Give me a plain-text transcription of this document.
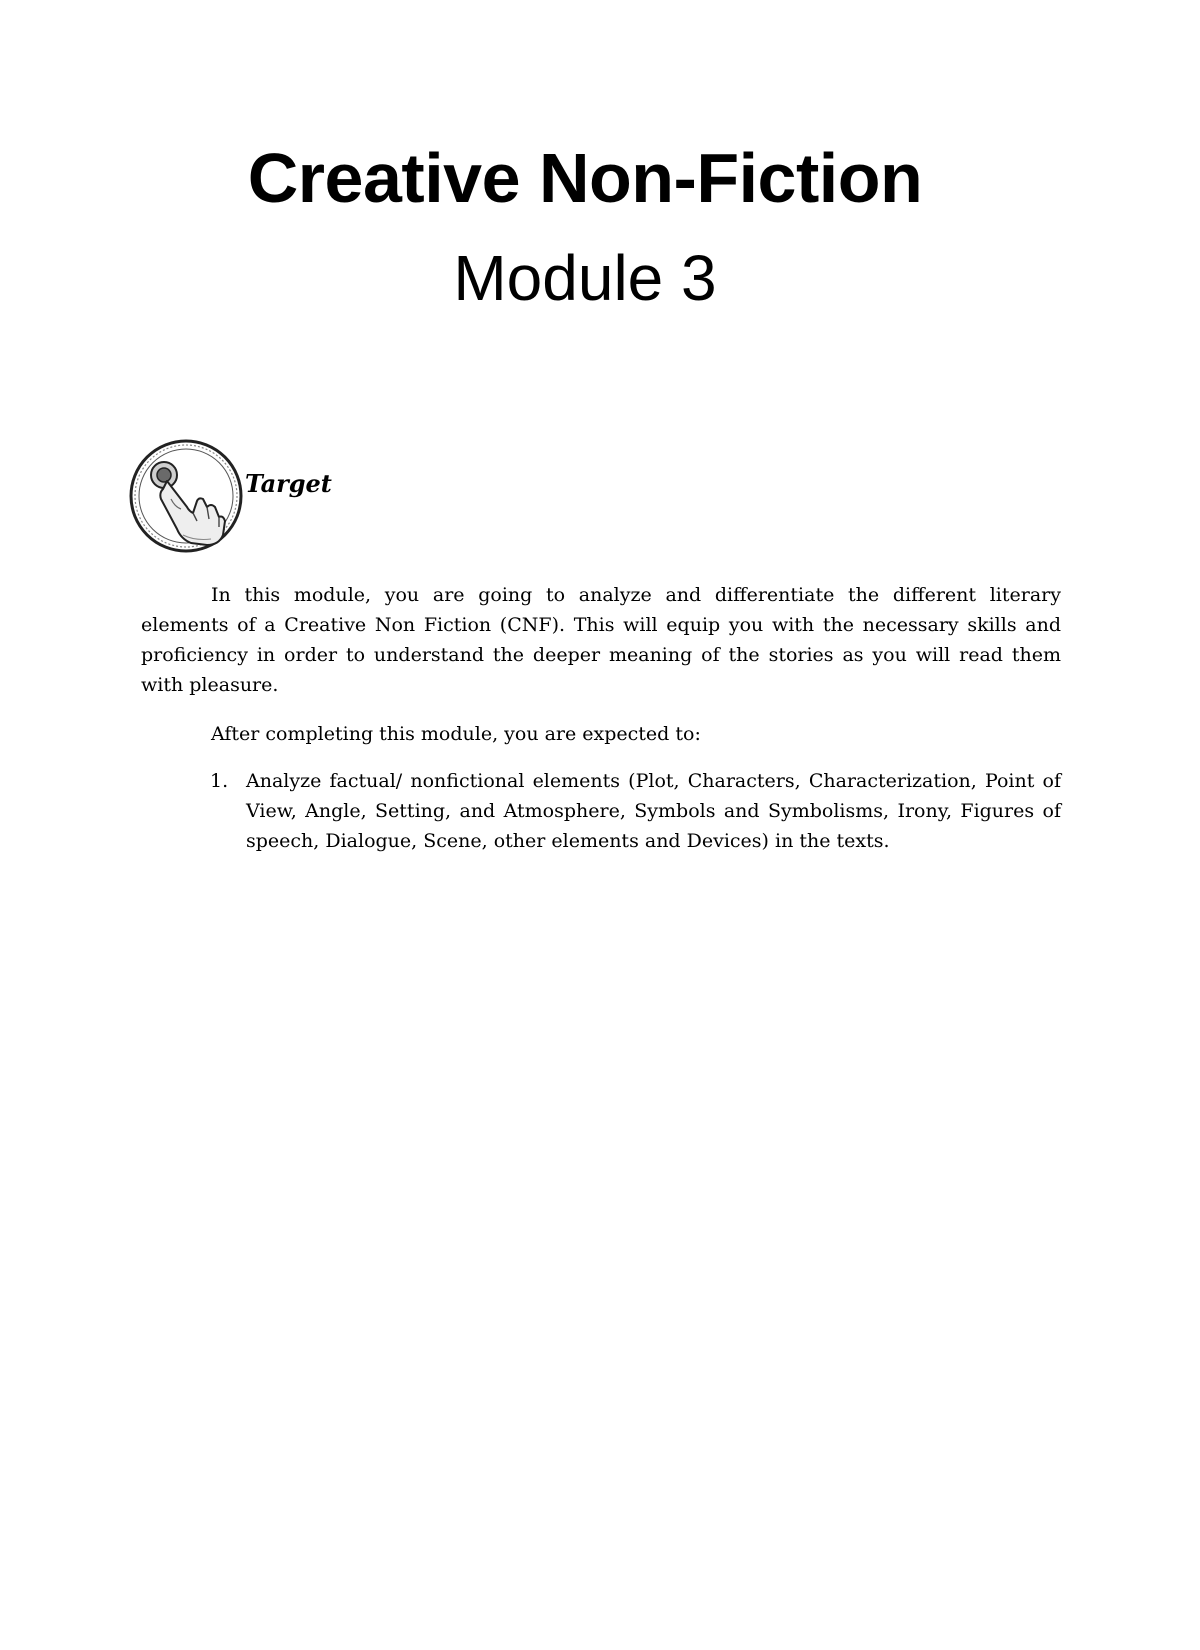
Creative Non-Fiction
Module 3
Target

In this module, you are going to analyze and differentiate the different literary elements of a Creative Non Fiction (CNF). This will equip you with the necessary skills and proficiency in order to understand the deeper meaning of the stories as you will read them with pleasure.

After completing this module, you are expected to:

1. Analyze factual/ nonfictional elements (Plot, Characters, Characterization, Point of View, Angle, Setting, and Atmosphere, Symbols and Symbolisms, Irony, Figures of speech, Dialogue, Scene, other elements and Devices) in the texts.
